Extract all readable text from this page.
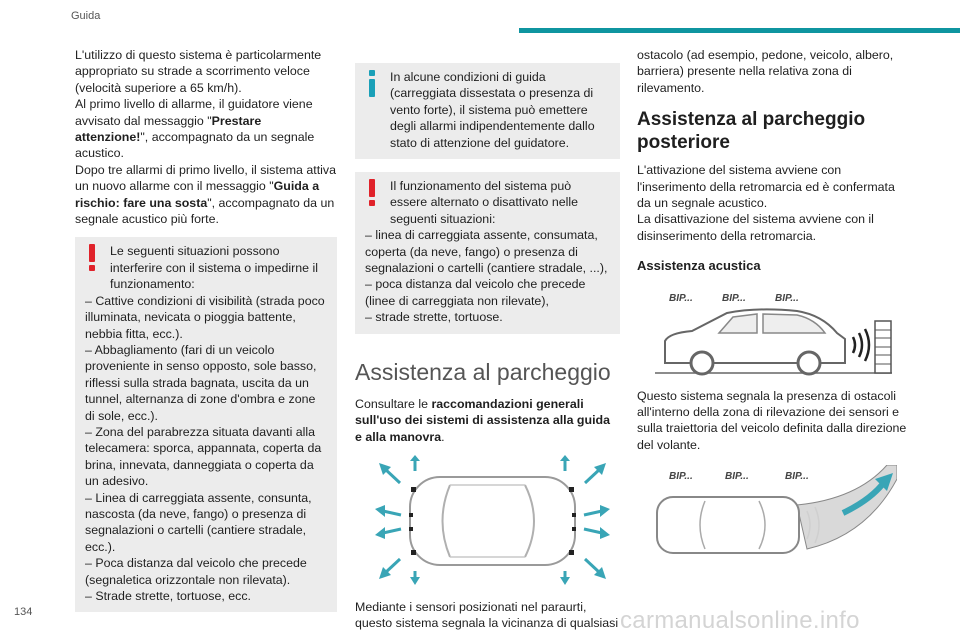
Guida

L'utilizzo di questo sistema è particolarmente appropriato su strade a scorrimento veloce (velocità superiore a 65 km/h).

Al primo livello di allarme, il guidatore viene avvisato dal messaggio "Prestare attenzione!", accompagnato da un segnale acustico.

Dopo tre allarmi di primo livello, il sistema attiva un nuovo allarme con il messaggio "Guida a rischio: fare una sosta", accompagnato da un segnale acustico più forte.

Le seguenti situazioni possono interferire con il sistema o impedirne il funzionamento:

– Cattive condizioni di visibilità (strada poco illuminata, nevicata o pioggia battente, nebbia fitta, ecc.).

– Abbagliamento (fari di un veicolo proveniente in senso opposto, sole basso, riflessi sulla strada bagnata, uscita da un tunnel, alternanza di zone d'ombra e zone di sole, ecc.).

– Zona del parabrezza situata davanti alla telecamera: sporca, appannata, coperta da brina, innevata, danneggiata o coperta da un adesivo.

– Linea di carreggiata assente, consunta, nascosta (da neve, fango) o presenza di segnalazioni o cartelli (cantiere stradale, ecc.).

– Poca distanza dal veicolo che precede (segnaletica orizzontale non rilevata).

– Strade strette, tortuose, ecc.

In alcune condizioni di guida (carreggiata dissestata o presenza di vento forte), il sistema può emettere degli allarmi indipendentemente dallo stato di attenzione del guidatore.

Il funzionamento del sistema può essere alternato o disattivato nelle seguenti situazioni:

– linea di carreggiata assente, consumata, coperta (da neve, fango) o presenza di segnalazioni o cartelli (cantiere stradale, ...),

– poca distanza dal veicolo che precede (linee di carreggiata non rilevate),

– strade strette, tortuose.

Assistenza al parcheggio

Consultare le raccomandazioni generali sull'uso dei sistemi di assistenza alla guida e alla manovra.

Mediante i sensori posizionati nel paraurti, questo sistema segnala la vicinanza di qualsiasi

ostacolo (ad esempio, pedone, veicolo, albero, barriera) presente nella relativa zona di rilevamento.

Assistenza al parcheggio posteriore

L'attivazione del sistema avviene con l'inserimento della retromarcia ed è confermata da un segnale acustico.

La disattivazione del sistema avviene con il disinserimento della retromarcia.

Assistenza acustica
BIP...	BIP...	BIP...

Questo sistema segnala la presenza di ostacoli all'interno della zona di rilevazione dei sensori e sulla traiettoria del veicolo definita dalla direzione del volante.

BIP...	BIP...	BIP...
134	carmanualsonline.info
